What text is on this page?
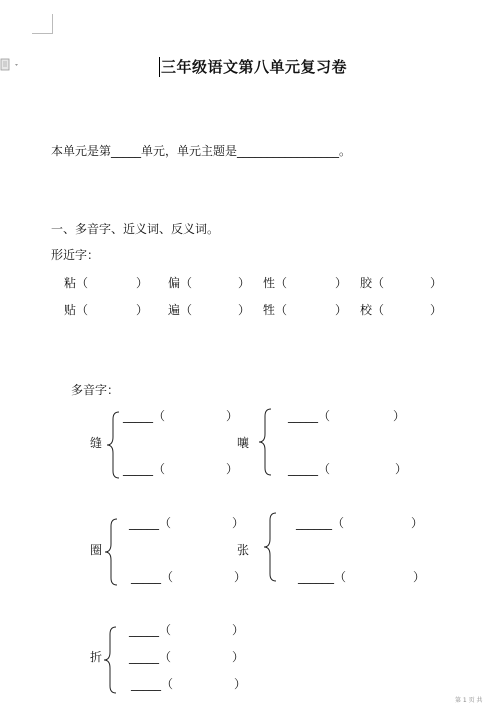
三年级语文第八单元复习卷
本单元是第_____单元，单元主题是_________________。
一、多音字、近义词、反义词。
形近字：
粘（	） 偏（	） 性（	） 胶（	）
贴（	） 遍（	） 牲（	） 校（	）
多音字：
缝
_____（	）
_____（	）
嚷
_____（	）
_____（	）
圈
_____（	）
_____（	）
张
______（	）
______（	）
折
_____（	）
_____（	）
_____（	）
第 1 页 共
